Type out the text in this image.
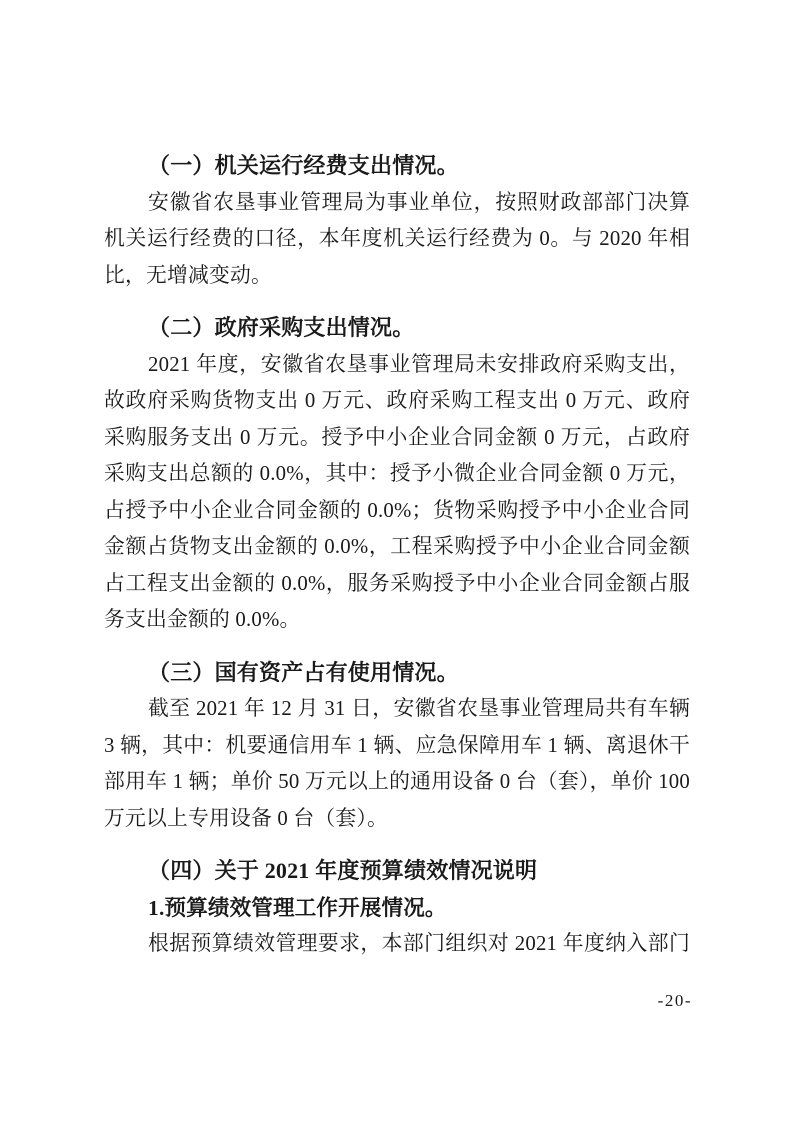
（一）机关运行经费支出情况。

安徽省农垦事业管理局为事业单位，按照财政部部门决算机关运行经费的口径，本年度机关运行经费为 0。与 2020 年相比，无增减变动。

（二）政府采购支出情况。

2021 年度，安徽省农垦事业管理局未安排政府采购支出，故政府采购货物支出 0 万元、政府采购工程支出 0 万元、政府采购服务支出 0 万元。授予中小企业合同金额 0 万元，占政府采购支出总额的 0.0%，其中：授予小微企业合同金额 0 万元，占授予中小企业合同金额的 0.0%；货物采购授予中小企业合同金额占货物支出金额的 0.0%，工程采购授予中小企业合同金额占工程支出金额的 0.0%，服务采购授予中小企业合同金额占服务支出金额的 0.0%。

（三）国有资产占有使用情况。

截至 2021 年 12 月 31 日，安徽省农垦事业管理局共有车辆 3 辆，其中：机要通信用车 1 辆、应急保障用车 1 辆、离退休干部用车 1 辆；单价 50 万元以上的通用设备 0 台（套），单价 100 万元以上专用设备 0 台（套）。

（四）关于 2021 年度预算绩效情况说明

1.预算绩效管理工作开展情况。

根据预算绩效管理要求，本部门组织对 2021 年度纳入部门

-20-
